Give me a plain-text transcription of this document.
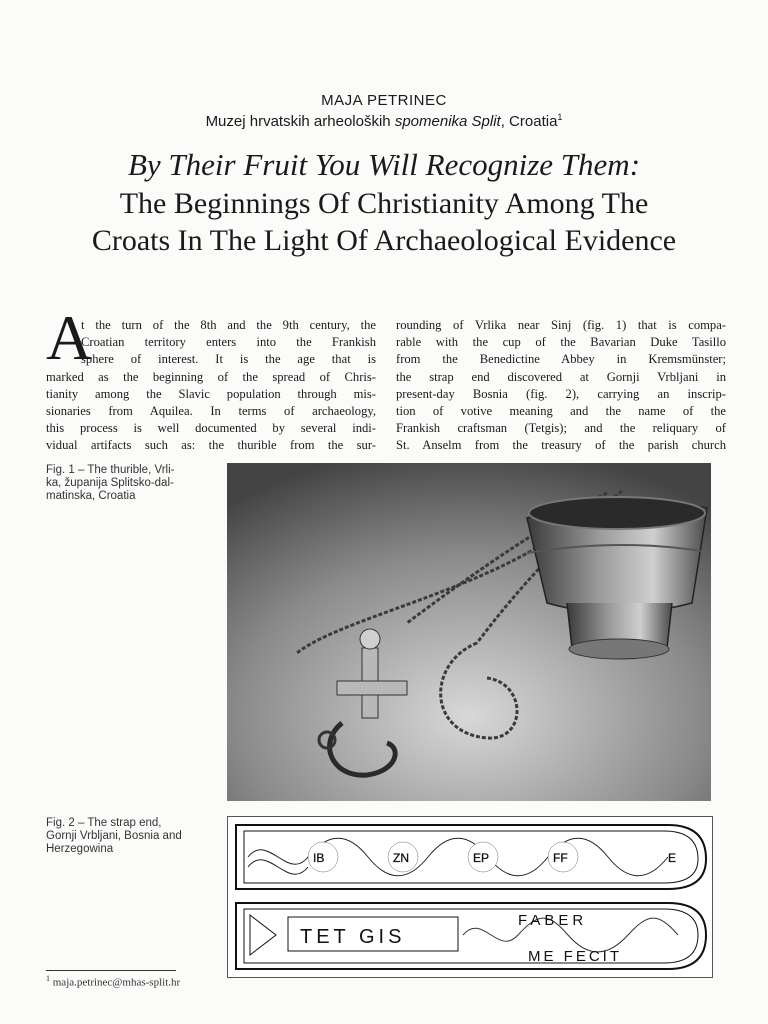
MAJA PETRINEC
Muzej hrvatskih arheoloških spomenika Split, Croatia$^1$
By Their Fruit You Will Recognize Them:
The Beginnings Of Christianity Among The
Croats In The Light Of Archaeological Evidence
A
t the turn of the 8th and the 9th century, the
Croatian territory enters into the Frankish
sphere of interest. It is the age that is
marked as the beginning of the spread of Chris-
tianity among the Slavic population through mis-
sionaries from Aquilea. In terms of archaeology,
this process is well documented by several indi-
vidual artifacts such as: the thurible from the sur-
rounding of Vrlika near Sinj (fig. 1) that is compa-
rable with the cup of the Bavarian Duke Tasillo
from the Benedictine Abbey in Kremsmünster;
the strap end discovered at Gornji Vrbljani in
present-day Bosnia (fig. 2), carrying an inscrip-
tion of votive meaning and the name of the
Frankish craftsman (Tetgis); and the reliquary of
St. Anselm from the treasury of the parish church
Fig. 1 – The thurible, Vrli-
ka, županija Splitsko-dal-
matinska, Croatia
Fig. 2 – The strap end,
Gornji Vrbljani, Bosnia and
Herzegowina
IB	ZN	EP	FF	E
TET GIS
FABER
ME FECIT
$^1$ maja.petrinec@mhas-split.hr
